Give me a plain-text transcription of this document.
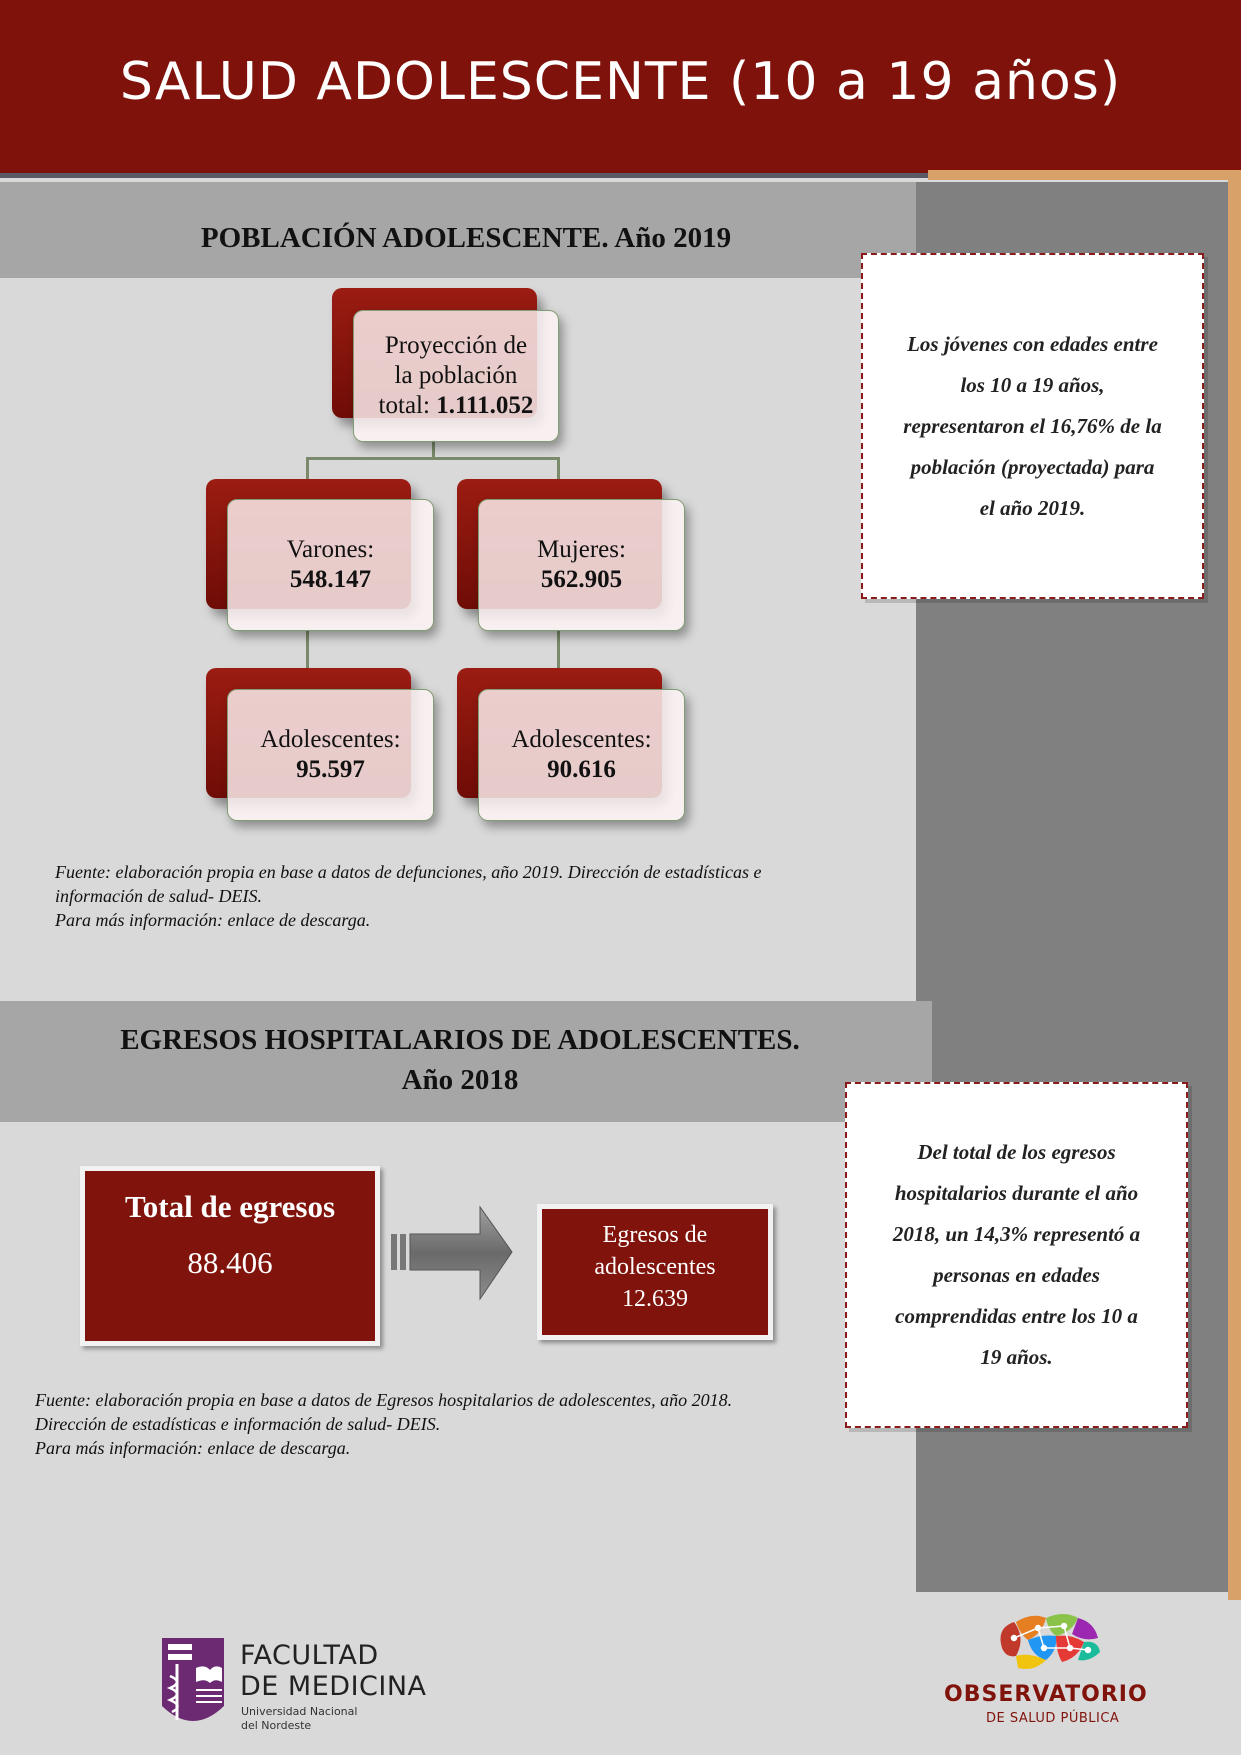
SALUD ADOLESCENTE (10 a 19 años)
POBLACIÓN ADOLESCENTE. Año 2019
Proyección de
la población
total: 1.111.052
Varones:
548.147
Mujeres:
562.905
Adolescentes:
95.597
Adolescentes:
90.616
Los jóvenes con edades entre
los 10 a 19 años,
representaron el 16,76% de la
población (proyectada) para
el año 2019.
Fuente: elaboración propia en base a datos de defunciones, año 2019. Dirección de estadísticas e
información de salud- DEIS.
Para más información: enlace de descarga.
EGRESOS HOSPITALARIOS DE ADOLESCENTES.
Año 2018
Total de egresos
88.406
Egresos de
adolescentes
12.639
Del total de los egresos
hospitalarios durante el año
2018, un 14,3% representó a
personas en edades
comprendidas entre los 10 a
19 años.
Fuente: elaboración propia en base a datos de Egresos hospitalarios de adolescentes, año 2018.
Dirección de estadísticas e información de salud- DEIS.
Para más información: enlace de descarga.
FACULTAD
DE MEDICINA
Universidad Nacional
del Nordeste
OBSERVATORIO
DE SALUD PÚBLICA
